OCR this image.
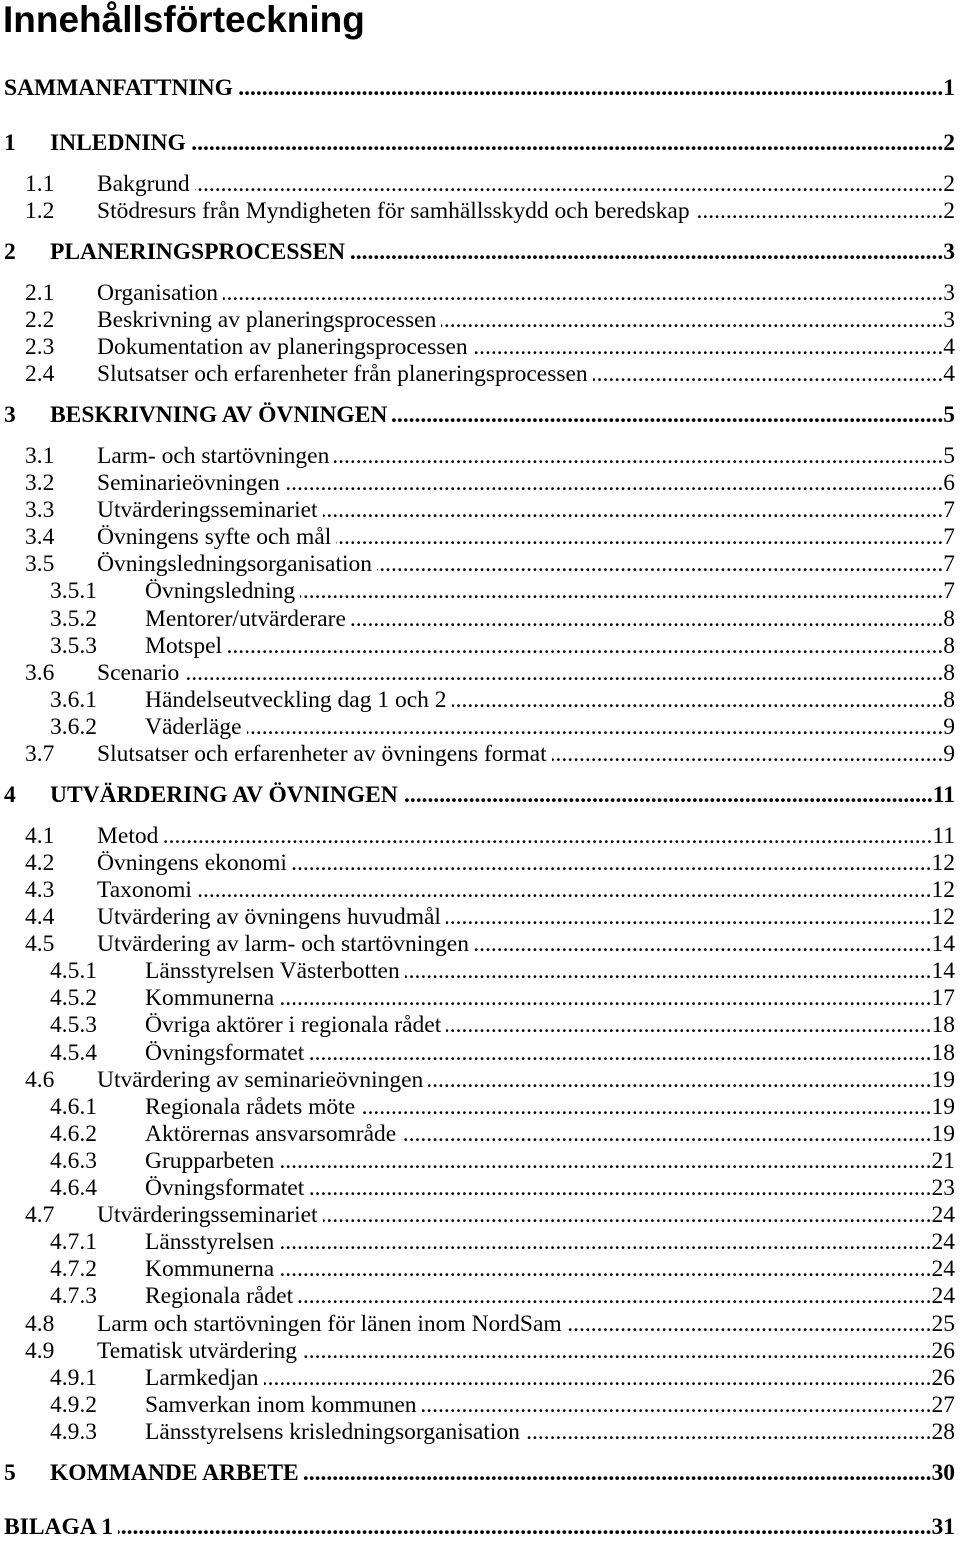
Innehållsförteckning
SAMMANFATTNING .....	1
1	INLEDNING .....	2
1.1	Bakgrund .....	2
1.2	Stödresurs från Myndigheten för samhällsskydd och beredskap .....	2
2	PLANERINGSPROCESSEN .....	3
2.1	Organisation .....	3
2.2	Beskrivning av planeringsprocessen .....	3
2.3	Dokumentation av planeringsprocessen .....	4
2.4	Slutsatser och erfarenheter från planeringsprocessen .....	4
3	BESKRIVNING AV ÖVNINGEN .....	5
3.1	Larm- och startövningen .....	5
3.2	Seminarieövningen .....	6
3.3	Utvärderingsseminariet .....	7
3.4	Övningens syfte och mål .....	7
3.5	Övningsledningsorganisation .....	7
3.5.1	Övningsledning .....	7
3.5.2	Mentorer/utvärderare .....	8
3.5.3	Motspel .....	8
3.6	Scenario .....	8
3.6.1	Händelseutveckling dag 1 och 2 .....	8
3.6.2	Väderläge .....	9
3.7	Slutsatser och erfarenheter av övningens format .....	9
4	UTVÄRDERING AV ÖVNINGEN .....	11
4.1	Metod .....	11
4.2	Övningens ekonomi .....	12
4.3	Taxonomi .....	12
4.4	Utvärdering av övningens huvudmål .....	12
4.5	Utvärdering av larm- och startövningen .....	14
4.5.1	Länsstyrelsen Västerbotten .....	14
4.5.2	Kommunerna .....	17
4.5.3	Övriga aktörer i regionala rådet .....	18
4.5.4	Övningsformatet .....	18
4.6	Utvärdering av seminarieövningen .....	19
4.6.1	Regionala rådets möte .....	19
4.6.2	Aktörernas ansvarsområde .....	19
4.6.3	Grupparbeten .....	21
4.6.4	Övningsformatet .....	23
4.7	Utvärderingsseminariet .....	24
4.7.1	Länsstyrelsen .....	24
4.7.2	Kommunerna .....	24
4.7.3	Regionala rådet .....	24
4.8	Larm och startövningen för länen inom NordSam .....	25
4.9	Tematisk utvärdering .....	26
4.9.1	Larmkedjan .....	26
4.9.2	Samverkan inom kommunen .....	27
4.9.3	Länsstyrelsens krisledningsorganisation .....	28
5	KOMMANDE ARBETE .....	30
BILAGA 1 .....	31
